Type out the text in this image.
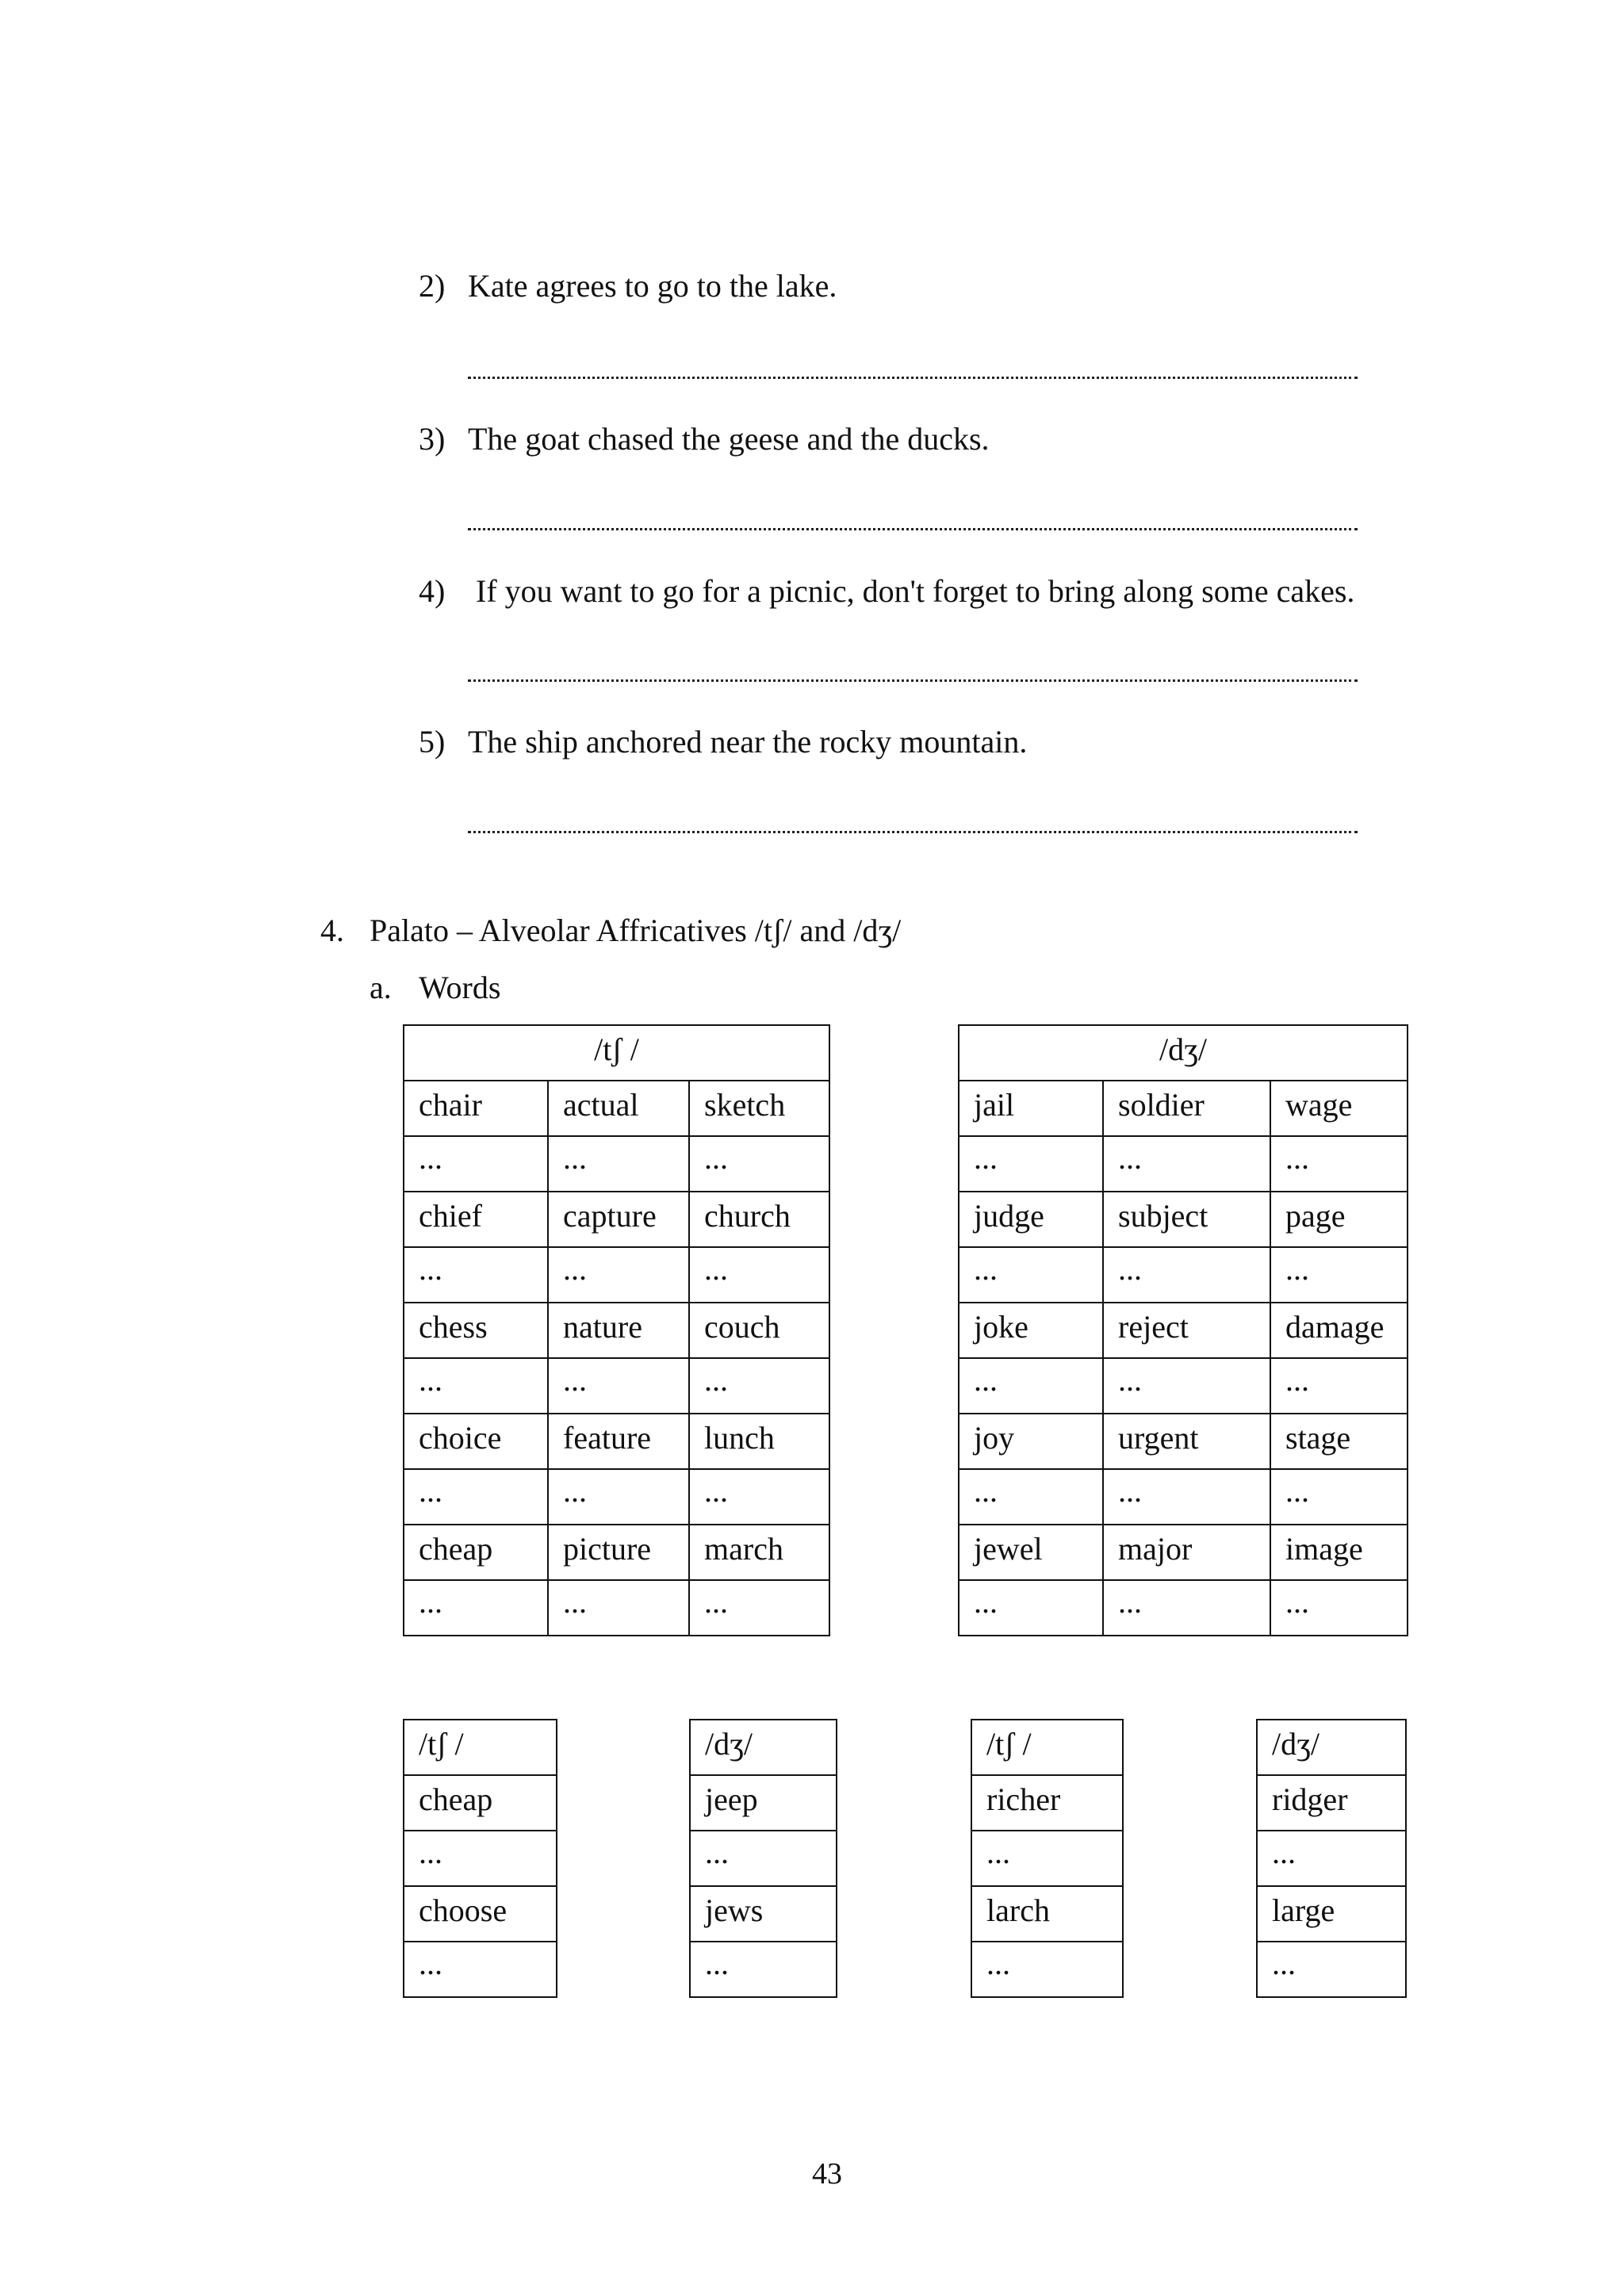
2) Kate agrees to go to the lake.
3) The goat chased the geese and the ducks.
4) If you want to go for a picnic, don't forget to bring along some cakes.
5) The ship anchored near the rocky mountain.
4. Palato – Alveolar Affricatives /tʃ/ and /dʒ/
a. Words
/tʃ /		
chair	actual	sketch
...	...	...
chief	capture	church
...	...	...
chess	nature	couch
...	...	...
choice	feature	lunch
...	...	...
cheap	picture	march
...	...	...
/dʒ/		
jail	soldier	wage
...	...	...
judge	subject	page
...	...	...
joke	reject	damage
...	...	...
joy	urgent	stage
...	...	...
jewel	major	image
...	...	...
/tʃ /
cheap
...
choose
...
/dʒ/
jeep
...
jews
...
/tʃ /
richer
...
larch
...
/dʒ/
ridger
...
large
...
43
